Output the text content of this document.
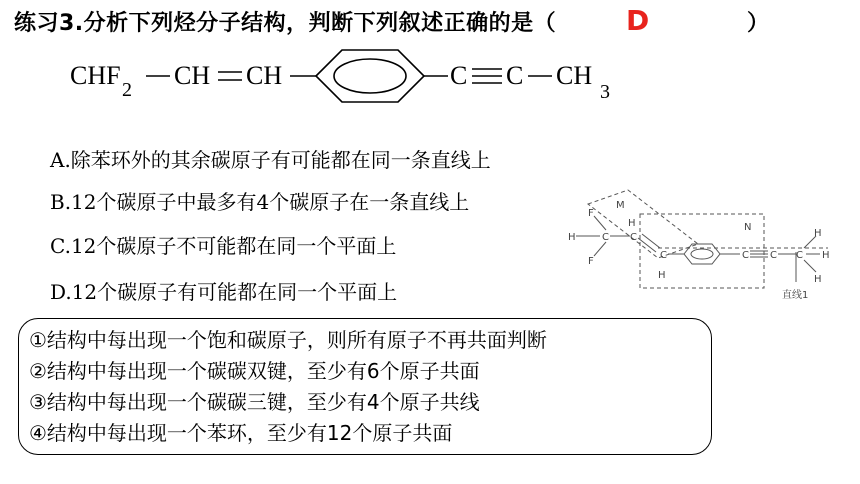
练习3.分析下列烃分子结构，判断下列叙述正确的是（ D	）
CHF 2 CH CH	C C CH
3
A.除苯环外的其余碳原子有可能都在同一条直线上
B.12个碳原子中最多有4个碳原子在一条直线上
C.12个碳原子不可能都在同一个平面上
D.12个碳原子有可能都在同一个平面上
M
N
F
F
H	C C
H
C
H
C C C
H
H
H
直线1
①结构中每出现一个饱和碳原子，则所有原子不再共面判断
②结构中每出现一个碳碳双键，至少有6个原子共面
③结构中每出现一个碳碳三键，至少有4个原子共线
④结构中每出现一个苯环，至少有12个原子共面
